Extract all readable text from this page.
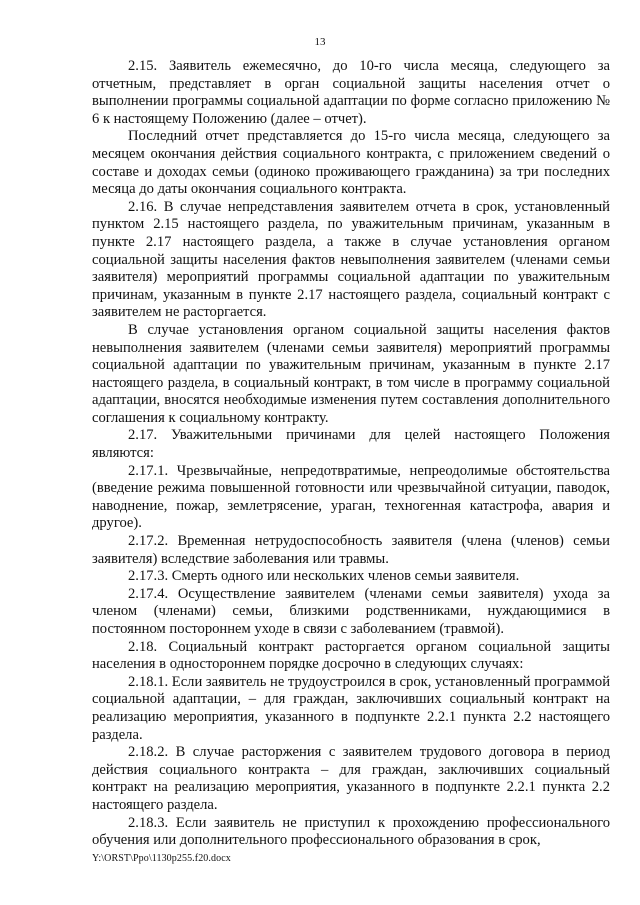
13

2.15. Заявитель ежемесячно, до 10-го числа месяца, следующего за отчетным, представляет в орган социальной защиты населения отчет о выполнении программы социальной адаптации по форме согласно приложению № 6 к настоящему Положению (далее – отчет).

Последний отчет представляется до 15-го числа месяца, следующего за месяцем окончания действия социального контракта, с приложением сведений о составе и доходах семьи (одиноко проживающего гражданина) за три последних месяца до даты окончания социального контракта.

2.16. В случае непредставления заявителем отчета в срок, установленный пунктом 2.15 настоящего раздела, по уважительным причинам, указанным в пункте 2.17 настоящего раздела, а также в случае установления органом социальной защиты населения фактов невыполнения заявителем (членами семьи заявителя) мероприятий программы социальной адаптации по уважительным причинам, указанным в пункте 2.17 настоящего раздела, социальный контракт с заявителем не расторгается.

В случае установления органом социальной защиты населения фактов невыполнения заявителем (членами семьи заявителя) мероприятий программы социальной адаптации по уважительным причинам, указанным в пункте 2.17 настоящего раздела, в социальный контракт, в том числе в программу социальной адаптации, вносятся необходимые изменения путем составления дополнительного соглашения к социальному контракту.

2.17. Уважительными причинами для целей настоящего Положения являются:

2.17.1. Чрезвычайные, непредотвратимые, непреодолимые обстоятельства (введение режима повышенной готовности или чрезвычайной ситуации, паводок, наводнение, пожар, землетрясение, ураган, техногенная катастрофа, авария и другое).

2.17.2. Временная нетрудоспособность заявителя (члена (членов) семьи заявителя) вследствие заболевания или травмы.

2.17.3. Смерть одного или нескольких членов семьи заявителя.

2.17.4. Осуществление заявителем (членами семьи заявителя) ухода за членом (членами) семьи, близкими родственниками, нуждающимися в постоянном постороннем уходе в связи с заболеванием (травмой).

2.18. Социальный контракт расторгается органом социальной защиты населения в одностороннем порядке досрочно в следующих случаях:

2.18.1. Если заявитель не трудоустроился в срок, установленный программой социальной адаптации, – для граждан, заключивших социальный контракт на реализацию мероприятия, указанного в подпункте 2.2.1 пункта 2.2 настоящего раздела.

2.18.2. В случае расторжения с заявителем трудового договора в период действия социального контракта – для граждан, заключивших социальный контракт на реализацию мероприятия, указанного в подпункте 2.2.1 пункта 2.2 настоящего раздела.

2.18.3. Если заявитель не приступил к прохождению профессионального обучения или дополнительного профессионального образования в срок,

Y:\ORST\Ppo\1130p255.f20.docx
